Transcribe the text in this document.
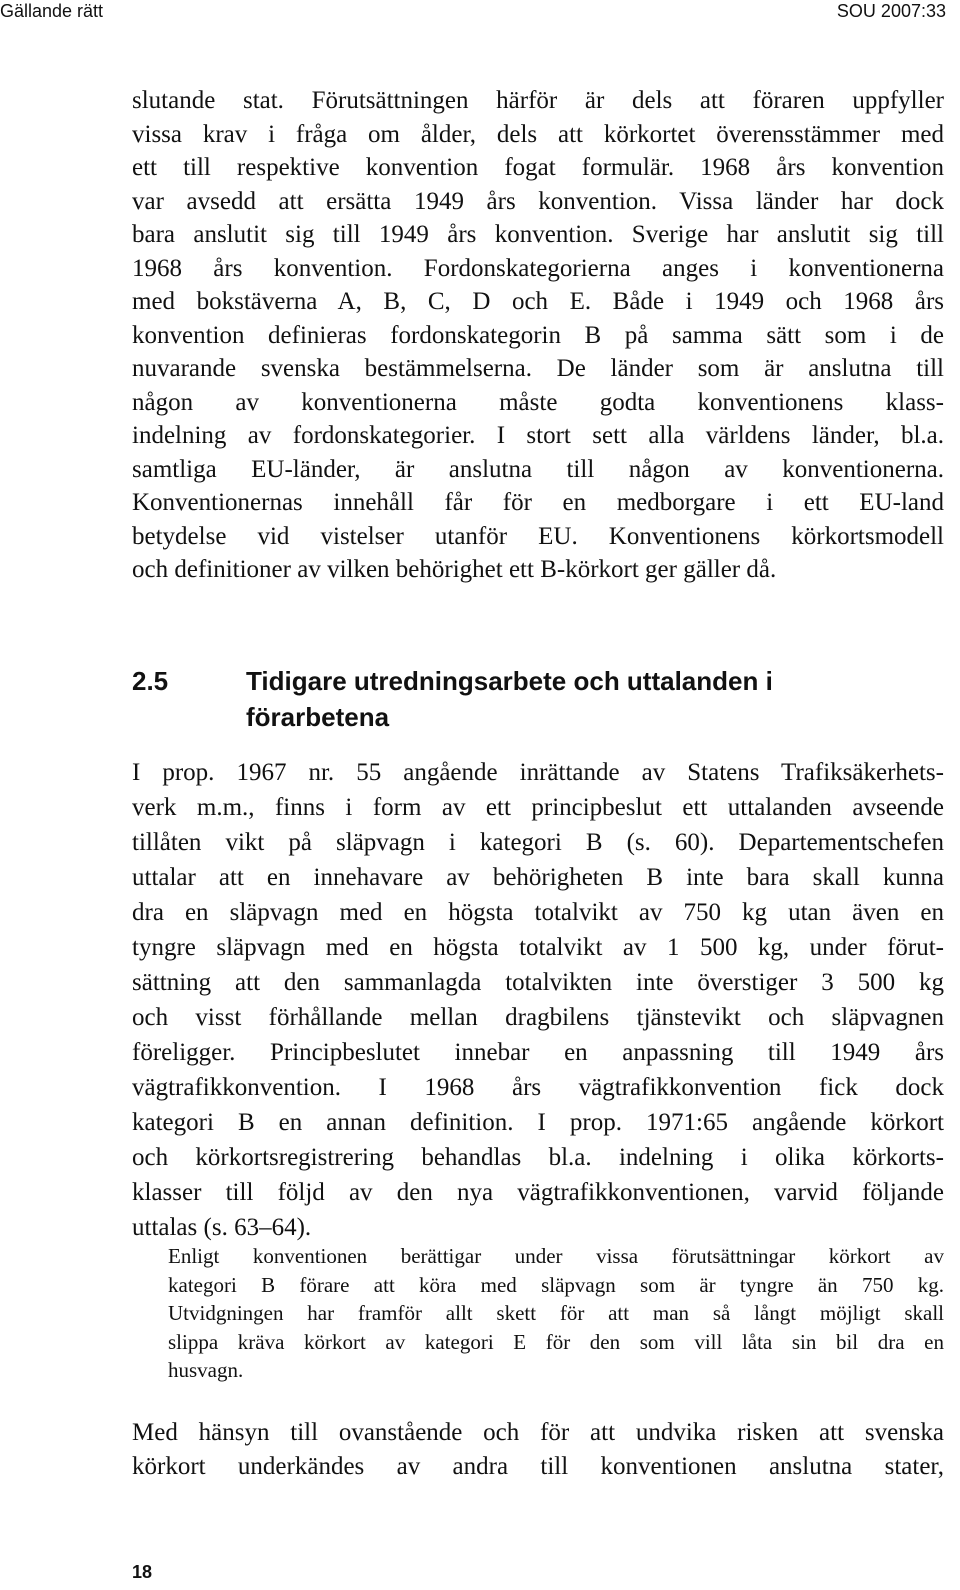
Gällande rätt	SOU 2007:33
slutande stat. Förutsättningen härför är dels att föraren uppfyller
vissa krav i fråga om ålder, dels att körkortet överensstämmer med
ett till respektive konvention fogat formulär. 1968 års konvention
var avsedd att ersätta 1949 års konvention. Vissa länder har dock
bara anslutit sig till 1949 års konvention. Sverige har anslutit sig till
1968 års konvention. Fordonskategorierna anges i konventionerna
med bokstäverna A, B, C, D och E. Både i 1949 och 1968 års
konvention definieras fordonskategorin B på samma sätt som i de
nuvarande svenska bestämmelserna. De länder som är anslutna till
någon av konventionerna måste godta konventionens klass-
indelning av fordonskategorier. I stort sett alla världens länder, bl.a.
samtliga EU-länder, är anslutna till någon av konventionerna.
Konventionernas innehåll får för en medborgare i ett EU-land
betydelse vid vistelser utanför EU. Konventionens körkortsmodell
och definitioner av vilken behörighet ett B-körkort ger gäller då.
2.5	Tidigare utredningsarbete och uttalanden i
förarbetena
I prop. 1967 nr. 55 angående inrättande av Statens Trafiksäkerhets-
verk m.m., finns i form av ett principbeslut ett uttalanden avseende
tillåten vikt på släpvagn i kategori B (s. 60). Departementschefen
uttalar att en innehavare av behörigheten B inte bara skall kunna
dra en släpvagn med en högsta totalvikt av 750 kg utan även en
tyngre släpvagn med en högsta totalvikt av 1 500 kg, under förut-
sättning att den sammanlagda totalvikten inte överstiger 3 500 kg
och visst förhållande mellan dragbilens tjänstevikt och släpvagnen
föreligger. Principbeslutet innebar en anpassning till 1949 års
vägtrafikkonvention. I 1968 års vägtrafikkonvention fick dock
kategori B en annan definition. I prop. 1971:65 angående körkort
och körkortsregistrering behandlas bl.a. indelning i olika körkorts-
klasser till följd av den nya vägtrafikkonventionen, varvid följande
uttalas (s. 63–64).
Enligt konventionen berättigar under vissa förutsättningar körkort av
kategori B förare att köra med släpvagn som är tyngre än 750 kg.
Utvidgningen har framför allt skett för att man så långt möjligt skall
slippa kräva körkort av kategori E för den som vill låta sin bil dra en
husvagn.
Med hänsyn till ovanstående och för att undvika risken att svenska
körkort underkändes av andra till konventionen anslutna stater,
18
